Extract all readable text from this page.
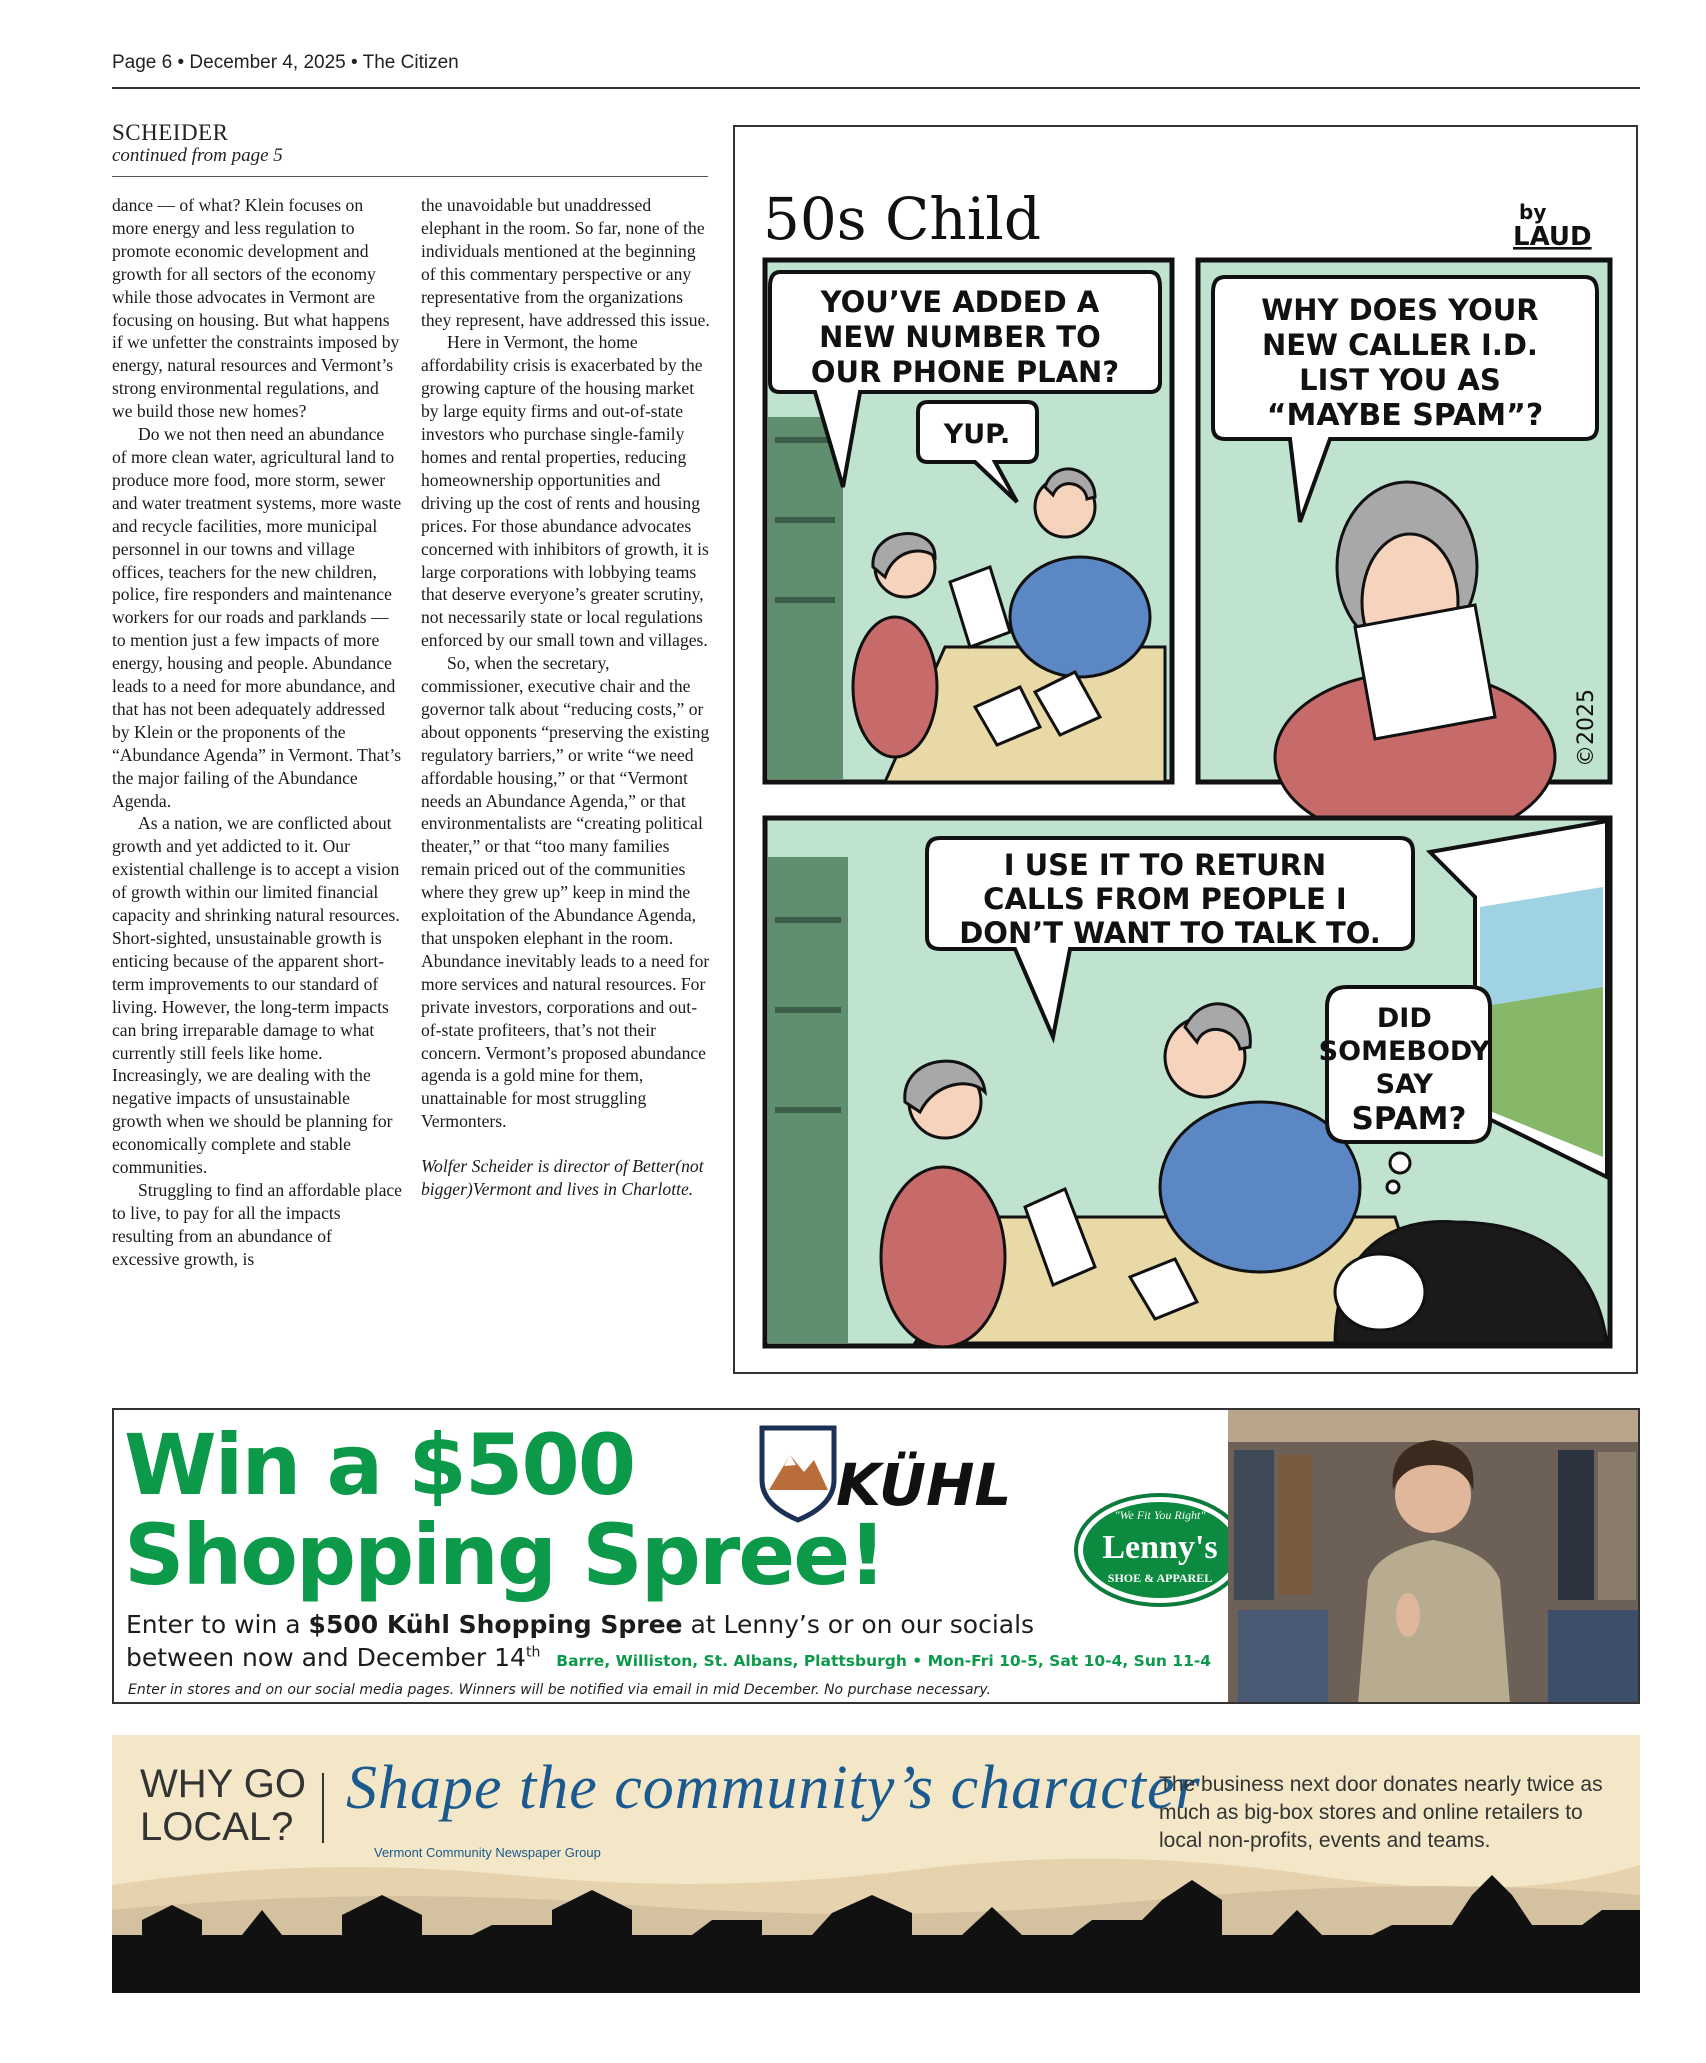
Page 6 • December 4, 2025 • The Citizen
SCHEIDER
continued from page 5

dance — of what? Klein focuses on more energy and less regulation to promote economic development and growth for all sectors of the economy while those advocates in Vermont are focusing on housing. But what happens if we unfetter the constraints imposed by energy, natural resources and Vermont’s strong environmental regulations, and we build those new homes?

Do we not then need an abundance of more clean water, agricultural land to produce more food, more storm, sewer and water treatment systems, more waste and recycle facilities, more municipal personnel in our towns and village offices, teachers for the new children, police, fire responders and maintenance workers for our roads and parklands — to mention just a few impacts of more energy, housing and people. Abundance leads to a need for more abundance, and that has not been adequately addressed by Klein or the proponents of the “Abundance Agenda” in Vermont. That’s the major failing of the Abundance Agenda.

As a nation, we are conflicted about growth and yet addicted to it. Our existential challenge is to accept a vision of growth within our limited financial capacity and shrinking natural resources. Short-sighted, unsustainable growth is enticing because of the apparent short-term improvements to our standard of living. However, the long-term impacts can bring irreparable damage to what currently still feels like home. Increasingly, we are dealing with the negative impacts of unsustainable growth when we should be planning for economically complete and stable communities.

Struggling to find an affordable place to live, to pay for all the impacts resulting from an abundance of excessive growth, is

the unavoidable but unaddressed elephant in the room. So far, none of the individuals mentioned at the beginning of this commentary perspective or any representative from the organizations they represent, have addressed this issue.

Here in Vermont, the home affordability crisis is exacerbated by the growing capture of the housing market by large equity firms and out-of-state investors who purchase single-family homes and rental properties, reducing homeownership opportunities and driving up the cost of rents and housing prices. For those abundance advocates concerned with inhibitors of growth, it is large corporations with lobbying teams that deserve everyone’s greater scrutiny, not necessarily state or local regulations enforced by our small town and villages.

So, when the secretary, commissioner, executive chair and the governor talk about “reducing costs,” or about opponents “preserving the existing regulatory barriers,” or write “we need affordable housing,” or that “Vermont needs an Abundance Agenda,” or that environmentalists are “creating political theater,” or that “too many families remain priced out of the communities where they grew up” keep in mind the exploitation of the Abundance Agenda, that unspoken elephant in the room. Abundance inevitably leads to a need for more services and natural resources. For private investors, corporations and out-of-state profiteers, that’s not their concern. Vermont’s proposed abundance agenda is a gold mine for them, unattainable for most struggling Vermonters.

Wolfer Scheider is director of Better(not bigger)Vermont and lives in Charlotte.

50s Child	by
LAUD
YOU’VE ADDED A NEW NUMBER TO OUR PHONE PLAN?
YUP.
©2025
WHY DOES YOUR NEW CALLER I.D. LIST YOU AS “MAYBE SPAM”?
I USE IT TO RETURN CALLS FROM PEOPLE I DON’T WANT TO TALK TO.
DID SOMEBODY SAY SPAM?
Win a $500
Shopping Spree!
KÜHL	"We Fit You Right"
Lenny's
SHOE & APPAREL
Enter to win a $500 Kühl Shopping Spree at Lenny’s or on our socials
between now and December 14th Barre, Williston, St. Albans, Plattsburgh • Mon-Fri 10-5, Sat 10-4, Sun 11-4
Enter in stores and on our social media pages. Winners will be notified via email in mid December. No purchase necessary.
WHY GO
LOCAL?
Shape the community’s character
Vermont Community Newspaper Group
The business next door donates nearly twice as much as big-box stores and online retailers to local non-profits, events and teams.
